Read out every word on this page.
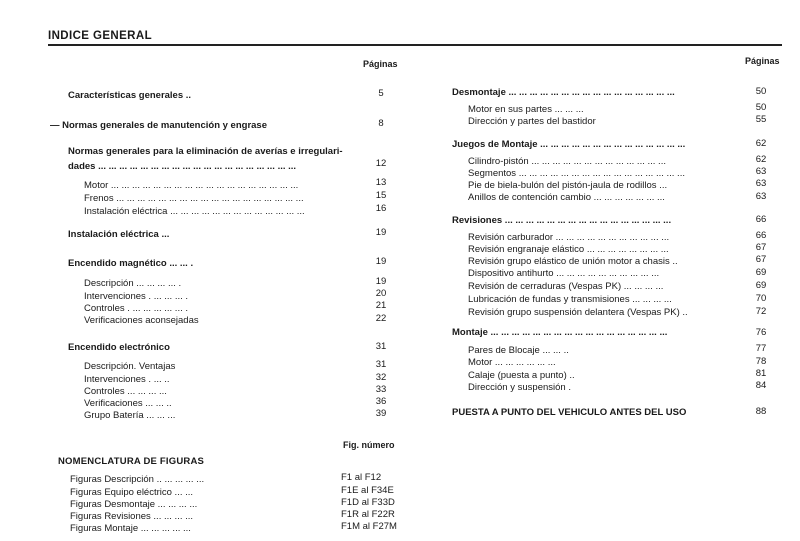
INDICE GENERAL
Páginas	Páginas
Características generales ..	5
— Normas generales de manutención y engrase	8
Normas generales para la eliminación de averías e irregulari-
dades ... ... ... ... ... ... ... ... ... ... ... ... ... ... ... ... ... ... ...	12
Motor ... ... ... ... ... ... ... ... ... ... ... ... ... ... ... ... ... ...	13
Frenos ... ... ... ... ... ... ... ... ... ... ... ... ... ... ... ... ... ...	15
Instalación eléctrica ... ... ... ... ... ... ... ... ... ... ... ... ...	16
Instalación eléctrica ...	19
Encendido magnético ... ... .	19
Descripción ... ... ... ... .	19
Intervenciones . ... ... ... .	20
Controles . ... ... ... ... ... .	21
Verificaciones aconsejadas	22
Encendido electrónico	31
Descripción. Ventajas	31
Intervenciones . ... ..	32
Controles ... ... ... ...	33
Verificaciones ... ... ..	36
Grupo Batería ... ... ...	39
Desmontaje ... ... ... ... ... ... ... ... ... ... ... ... ... ... ... ...	50
Motor en sus partes ... ... ...	50
Dirección y partes del bastidor	55
Juegos de Montaje ... ... ... ... ... ... ... ... ... ... ... ... ... ...	62
Cilindro-pistón ... ... ... ... ... ... ... ... ... ... ... ... ...	62
Segmentos ... ... ... ... ... ... ... ... ... ... ... ... ... ... ... ...	63
Pie de biela-bulón del pistón-jaula de rodillos ...	63
Anillos de contención cambio ... ... ... ... ... ... ...	63
Revisiones ... ... ... ... ... ... ... ... ... ... ... ... ... ... ... ...	66
Revisión carburador ... ... ... ... ... ... ... ... ... ... ...	66
Revisión engranaje elástico ... ... ... ... ... ... ... ...	67
Revisión grupo elástico de unión motor a chasis ..	67
Dispositivo antihurto ... ... ... ... ... ... ... ... ... ...	69
Revisión de cerraduras (Vespas PK) ... ... ... ...	69
Lubricación de fundas y transmisiones ... ... ... ...	70
Revisión grupo suspensión delantera (Vespas PK) ..	72
Montaje ... ... ... ... ... ... ... ... ... ... ... ... ... ... ... ... ...	76
Pares de Blocaje ... ... ..	77
Motor ... ... ... ... ... ...	78
Calaje (puesta a punto) ..	81
Dirección y suspensión .	84
PUESTA A PUNTO DEL VEHICULO ANTES DEL USO	88
Fig. número
NOMENCLATURA DE FIGURAS
Figuras Descripción .. ... ... ... ...	F1 al F12
Figuras Equipo eléctrico ... ...	F1E al F34E
Figuras Desmontaje ... ... ... ...	F1D al F33D
Figuras Revisiones ... ... ... ...	F1R al F22R
Figuras Montaje ... ... ... ... ...	F1M al F27M
